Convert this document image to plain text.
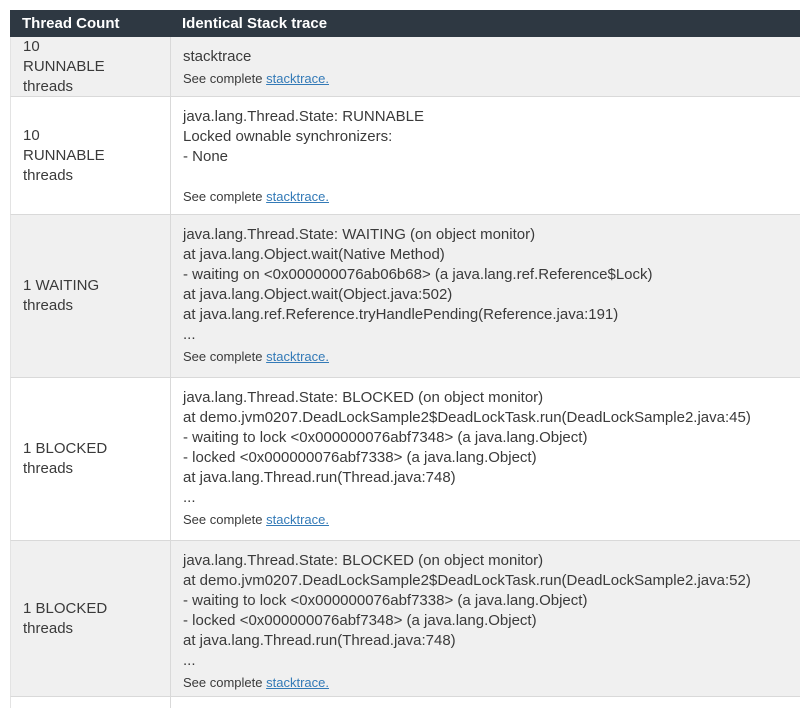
Thread Count	Identical Stack trace
10 RUNNABLE threads
stacktrace
See complete stacktrace.
10 RUNNABLE threads
java.lang.Thread.State: RUNNABLE
Locked ownable synchronizers:
- None
See complete stacktrace.
1 WAITING threads
java.lang.Thread.State: WAITING (on object monitor)
at java.lang.Object.wait(Native Method)
- waiting on <0x000000076ab06b68> (a java.lang.ref.Reference$Lock)
at java.lang.Object.wait(Object.java:502)
at java.lang.ref.Reference.tryHandlePending(Reference.java:191)
...
See complete stacktrace.
1 BLOCKED threads
java.lang.Thread.State: BLOCKED (on object monitor)
at demo.jvm0207.DeadLockSample2$DeadLockTask.run(DeadLockSample2.java:45)
- waiting to lock <0x000000076abf7348> (a java.lang.Object)
- locked <0x000000076abf7338> (a java.lang.Object)
at java.lang.Thread.run(Thread.java:748)
...
See complete stacktrace.
1 BLOCKED threads
java.lang.Thread.State: BLOCKED (on object monitor)
at demo.jvm0207.DeadLockSample2$DeadLockTask.run(DeadLockSample2.java:52)
- waiting to lock <0x000000076abf7338> (a java.lang.Object)
- locked <0x000000076abf7348> (a java.lang.Object)
at java.lang.Thread.run(Thread.java:748)
...
See complete stacktrace.
